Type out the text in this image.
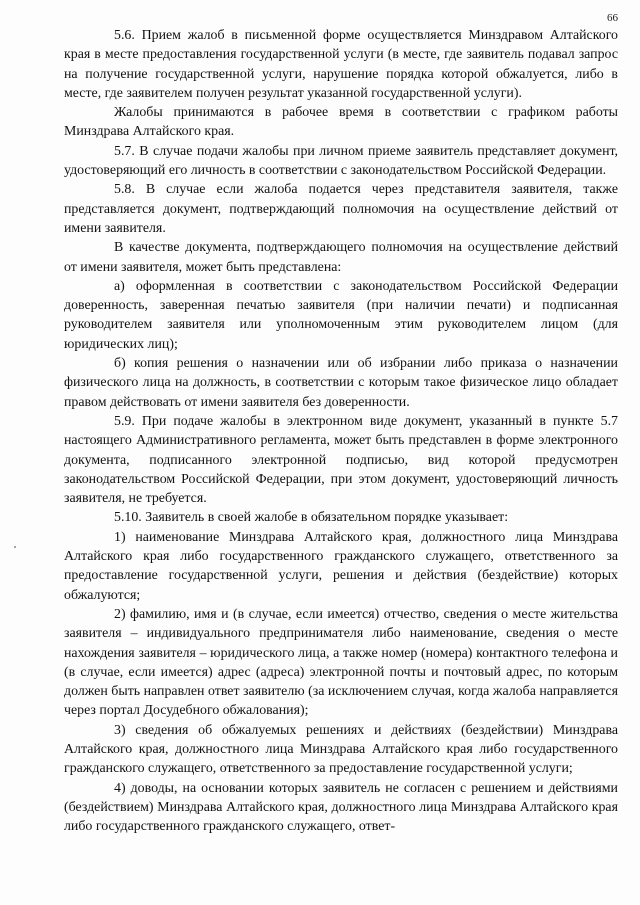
66

5.6. Прием жалоб в письменной форме осуществляется Минздравом Алтайского края в месте предоставления государственной услуги (в месте, где заявитель подавал запрос на получение государственной услуги, нарушение порядка которой обжалуется, либо в месте, где заявителем получен результат указанной государственной услуги).

Жалобы принимаются в рабочее время в соответствии с графиком работы Минздрава Алтайского края.

5.7. В случае подачи жалобы при личном приеме заявитель представляет документ, удостоверяющий его личность в соответствии с законодательством Российской Федерации.

5.8. В случае если жалоба подается через представителя заявителя, также представляется документ, подтверждающий полномочия на осуществление действий от имени заявителя.

В качестве документа, подтверждающего полномочия на осуществление действий от имени заявителя, может быть представлена:

а) оформленная в соответствии с законодательством Российской Федерации доверенность, заверенная печатью заявителя (при наличии печати) и подписанная руководителем заявителя или уполномоченным этим руководителем лицом (для юридических лиц);

б) копия решения о назначении или об избрании либо приказа о назначении физического лица на должность, в соответствии с которым такое физическое лицо обладает правом действовать от имени заявителя без доверенности.

5.9. При подаче жалобы в электронном виде документ, указанный в пункте 5.7 настоящего Административного регламента, может быть представлен в форме электронного документа, подписанного электронной подписью, вид которой предусмотрен законодательством Российской Федерации, при этом документ, удостоверяющий личность заявителя, не требуется.

5.10. Заявитель в своей жалобе в обязательном порядке указывает:

1) наименование Минздрава Алтайского края, должностного лица Минздрава Алтайского края либо государственного гражданского служащего, ответственного за предоставление государственной услуги, решения и действия (бездействие) которых обжалуются;

2) фамилию, имя и (в случае, если имеется) отчество, сведения о месте жительства заявителя – индивидуального предпринимателя либо наименование, сведения о месте нахождения заявителя – юридического лица, а также номер (номера) контактного телефона и (в случае, если имеется) адрес (адреса) электронной почты и почтовый адрес, по которым должен быть направлен ответ заявителю (за исключением случая, когда жалоба направляется через портал Досудебного обжалования);

3) сведения об обжалуемых решениях и действиях (бездействии) Минздрава Алтайского края, должностного лица Минздрава Алтайского края либо государственного гражданского служащего, ответственного за предоставление государственной услуги;

4) доводы, на основании которых заявитель не согласен с решением и действиями (бездействием) Минздрава Алтайского края, должностного лица Минздрава Алтайского края либо государственного гражданского служащего, ответ-
